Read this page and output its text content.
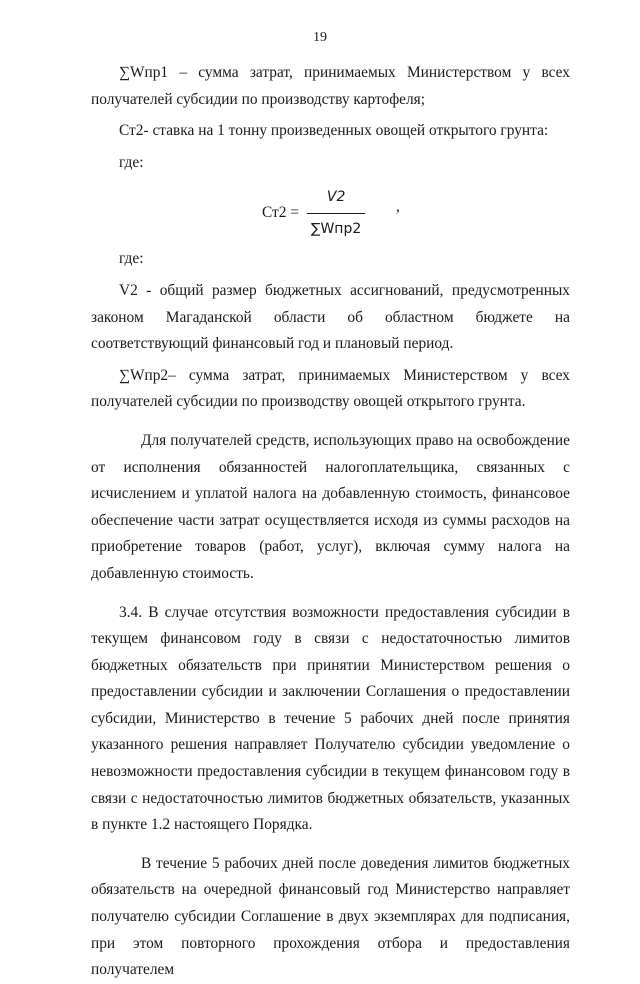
19

∑Wпр1 – сумма затрат, принимаемых Министерством у всех получателей субсидии по производству картофеля;

Ст2- ставка на 1 тонну произведенных овощей открытого грунта:

где:

$Ст2 = \frac{V2}{\text{∑Wпр2}}$ ,

где:

V2 - общий размер бюджетных ассигнований, предусмотренных законом Магаданской области об областном бюджете на соответствующий финансовый год и плановый период.

∑Wпр2– сумма затрат, принимаемых Министерством у всех получателей субсидии по производству овощей открытого грунта.

Для получателей средств, использующих право на освобождение от исполнения обязанностей налогоплательщика, связанных с исчислением и уплатой налога на добавленную стоимость, финансовое обеспечение части затрат осуществляется исходя из суммы расходов на приобретение товаров (работ, услуг), включая сумму налога на добавленную стоимость.

3.4. В случае отсутствия возможности предоставления субсидии в текущем финансовом году в связи с недостаточностью лимитов бюджетных обязательств при принятии Министерством решения о предоставлении субсидии и заключении Соглашения о предоставлении субсидии, Министерство в течение 5 рабочих дней после принятия указанного решения направляет Получателю субсидии уведомление о невозможности предоставления субсидии в текущем финансовом году в связи с недостаточностью лимитов бюджетных обязательств, указанных в пункте 1.2 настоящего Порядка.

В течение 5 рабочих дней после доведения лимитов бюджетных обязательств на очередной финансовый год Министерство направляет получателю субсидии Соглашение в двух экземплярах для подписания, при этом повторного прохождения отбора и предоставления получателем
